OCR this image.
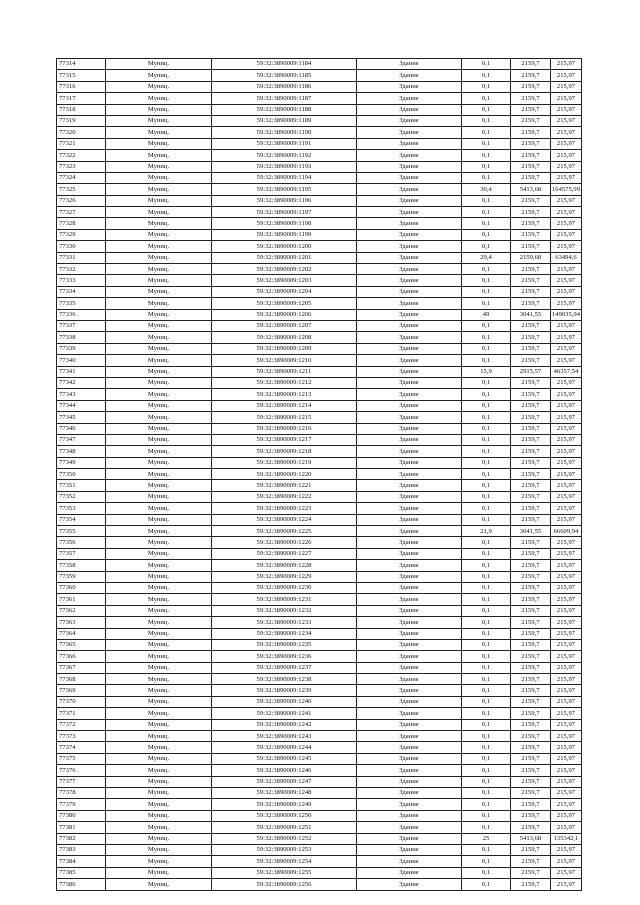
77314	Муниц.	59:32:3890009:1184	Здание	0,1	2159,7	215,97
77315	Муниц.	59:32:3890009:1185	Здание	0,1	2159,7	215,97
77316	Муниц.	59:32:3890009:1186	Здание	0,1	2159,7	215,97
77317	Муниц.	59:32:3890009:1187	Здание	0,1	2159,7	215,97
77318	Муниц.	59:32:3890009:1188	Здание	0,1	2159,7	215,97
77319	Муниц.	59:32:3890009:1189	Здание	0,1	2159,7	215,97
77320	Муниц.	59:32:3890009:1190	Здание	0,1	2159,7	215,97
77321	Муниц.	59:32:3890009:1191	Здание	0,1	2159,7	215,97
77322	Муниц.	59:32:3890009:1192	Здание	0,1	2159,7	215,97
77323	Муниц.	59:32:3890009:1193	Здание	0,1	2159,7	215,97
77324	Муниц.	59:32:3890009:1194	Здание	0,1	2159,7	215,97
77325	Муниц.	59:32:3890009:1195	Здание	30,4	5413,68	164575,99
77326	Муниц.	59:32:3890009:1196	Здание	0,1	2159,7	215,97
77327	Муниц.	59:32:3890009:1197	Здание	0,1	2159,7	215,97
77328	Муниц.	59:32:3890009:1198	Здание	0,1	2159,7	215,97
77329	Муниц.	59:32:3890009:1199	Здание	0,1	2159,7	215,97
77330	Муниц.	59:32:3890009:1200	Здание	0,1	2159,7	215,97
77331	Муниц.	59:32:3890009:1201	Здание	29,4	2159,68	63494,6
77332	Муниц.	59:32:3890009:1202	Здание	0,1	2159,7	215,97
77333	Муниц.	59:32:3890009:1203	Здание	0,1	2159,7	215,97
77334	Муниц.	59:32:3890009:1204	Здание	0,1	2159,7	215,97
77335	Муниц.	59:32:3890009:1205	Здание	0,1	2159,7	215,97
77336	Муниц.	59:32:3890009:1206	Здание	49	3041,55	149035,94
77337	Муниц.	59:32:3890009:1207	Здание	0,1	2159,7	215,97
77338	Муниц.	59:32:3890009:1208	Здание	0,1	2159,7	215,97
77339	Муниц.	59:32:3890009:1209	Здание	0,1	2159,7	215,97
77340	Муниц.	59:32:3890009:1210	Здание	0,1	2159,7	215,97
77341	Муниц.	59:32:3890009:1211	Здание	15,9	2915,57	46357,54
77342	Муниц.	59:32:3890009:1212	Здание	0,1	2159,7	215,97
77343	Муниц.	59:32:3890009:1213	Здание	0,1	2159,7	215,97
77344	Муниц.	59:32:3890009:1214	Здание	0,1	2159,7	215,97
77345	Муниц.	59:32:3890009:1215	Здание	0,1	2159,7	215,97
77346	Муниц.	59:32:3890009:1216	Здание	0,1	2159,7	215,97
77347	Муниц.	59:32:3890009:1217	Здание	0,1	2159,7	215,97
77348	Муниц.	59:32:3890009:1218	Здание	0,1	2159,7	215,97
77349	Муниц.	59:32:3890009:1219	Здание	0,1	2159,7	215,97
77350	Муниц.	59:32:3890009:1220	Здание	0,1	2159,7	215,97
77351	Муниц.	59:32:3890009:1221	Здание	0,1	2159,7	215,97
77352	Муниц.	59:32:3890009:1222	Здание	0,1	2159,7	215,97
77353	Муниц.	59:32:3890009:1223	Здание	0,1	2159,7	215,97
77354	Муниц.	59:32:3890009:1224	Здание	0,1	2159,7	215,97
77355	Муниц.	59:32:3890009:1225	Здание	21,9	3041,55	66609,94
77356	Муниц.	59:32:3890009:1226	Здание	0,1	2159,7	215,97
77357	Муниц.	59:32:3890009:1227	Здание	0,1	2159,7	215,97
77358	Муниц.	59:32:3890009:1228	Здание	0,1	2159,7	215,97
77359	Муниц.	59:32:3890009:1229	Здание	0,1	2159,7	215,97
77360	Муниц.	59:32:3890009:1230	Здание	0,1	2159,7	215,97
77361	Муниц.	59:32:3890009:1231	Здание	0,1	2159,7	215,97
77362	Муниц.	59:32:3890009:1232	Здание	0,1	2159,7	215,97
77363	Муниц.	59:32:3890009:1233	Здание	0,1	2159,7	215,97
77364	Муниц.	59:32:3890009:1234	Здание	0,1	2159,7	215,97
77365	Муниц.	59:32:3890009:1235	Здание	0,1	2159,7	215,97
77366	Муниц.	59:32:3890009:1236	Здание	0,1	2159,7	215,97
77367	Муниц.	59:32:3890009:1237	Здание	0,1	2159,7	215,97
77368	Муниц.	59:32:3890009:1238	Здание	0,1	2159,7	215,97
77369	Муниц.	59:32:3890009:1239	Здание	0,1	2159,7	215,97
77370	Муниц.	59:32:3890009:1240	Здание	0,1	2159,7	215,97
77371	Муниц.	59:32:3890009:1241	Здание	0,1	2159,7	215,97
77372	Муниц.	59:32:3890009:1242	Здание	0,1	2159,7	215,97
77373	Муниц.	59:32:3890009:1243	Здание	0,1	2159,7	215,97
77374	Муниц.	59:32:3890009:1244	Здание	0,1	2159,7	215,97
77375	Муниц.	59:32:3890009:1245	Здание	0,1	2159,7	215,97
77376	Муниц.	59:32:3890009:1246	Здание	0,1	2159,7	215,97
77377	Муниц.	59:32:3890009:1247	Здание	0,1	2159,7	215,97
77378	Муниц.	59:32:3890009:1248	Здание	0,1	2159,7	215,97
77379	Муниц.	59:32:3890009:1249	Здание	0,1	2159,7	215,97
77380	Муниц.	59:32:3890009:1250	Здание	0,1	2159,7	215,97
77381	Муниц.	59:32:3890009:1251	Здание	0,1	2159,7	215,97
77382	Муниц.	59:32:3890009:1252	Здание	25	5413,68	135342,1
77383	Муниц.	59:32:3890009:1253	Здание	0,1	2159,7	215,97
77384	Муниц.	59:32:3890009:1254	Здание	0,1	2159,7	215,97
77385	Муниц.	59:32:3890009:1255	Здание	0,1	2159,7	215,97
77386	Муниц.	59:32:3890009:1256	Здание	0,1	2159,7	215,97
